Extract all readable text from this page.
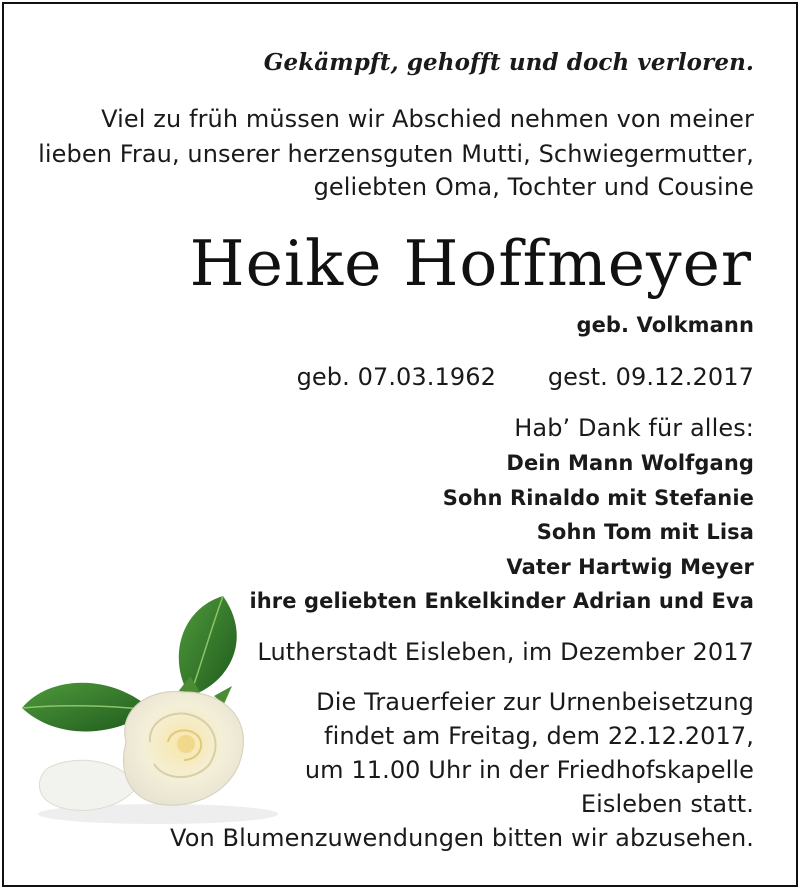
Gekämpft, gehofft und doch verloren.
Viel zu früh müssen wir Abschied nehmen von meiner
lieben Frau, unserer herzensguten Mutti, Schwiegermutter,
geliebten Oma, Tochter und Cousine
Heike Hoffmeyer
geb. Volkmann
geb. 07.03.1962 gest. 09.12.2017
Hab’ Dank für alles:
Dein Mann Wolfgang
Sohn Rinaldo mit Stefanie
Sohn Tom mit Lisa
Vater Hartwig Meyer
ihre geliebten Enkelkinder Adrian und Eva
Lutherstadt Eisleben, im Dezember 2017
Die Trauerfeier zur Urnenbeisetzung
findet am Freitag, dem 22.12.2017,
um 11.00 Uhr in der Friedhofskapelle
Eisleben statt.
Von Blumenzuwendungen bitten wir abzusehen.
